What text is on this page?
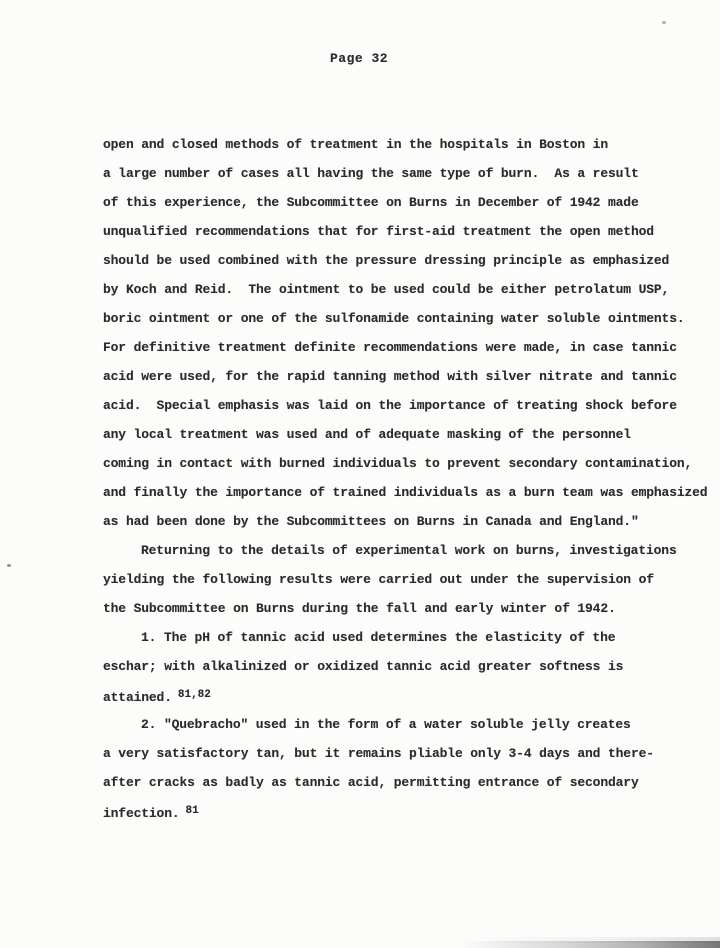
Page 32
open and closed methods of treatment in the hospitals in Boston in
a large number of cases all having the same type of burn.  As a result
of this experience, the Subcommittee on Burns in December of 1942 made
unqualified recommendations that for first-aid treatment the open method
should be used combined with the pressure dressing principle as emphasized
by Koch and Reid.  The ointment to be used could be either petrolatum USP,
boric ointment or one of the sulfonamide containing water soluble ointments.
For definitive treatment definite recommendations were made, in case tannic
acid were used, for the rapid tanning method with silver nitrate and tannic
acid.  Special emphasis was laid on the importance of treating shock before
any local treatment was used and of adequate masking of the personnel
coming in contact with burned individuals to prevent secondary contamination,
and finally the importance of trained individuals as a burn team was emphasized
as had been done by the Subcommittees on Burns in Canada and England."
Returning to the details of experimental work on burns, investigations
yielding the following results were carried out under the supervision of
the Subcommittee on Burns during the fall and early winter of 1942.
1. The pH of tannic acid used determines the elasticity of the
eschar; with alkalinized or oxidized tannic acid greater softness is
attained. $^{81,82}$
2. "Quebracho" used in the form of a water soluble jelly creates
a very satisfactory tan, but it remains pliable only 3-4 days and there-
after cracks as badly as tannic acid, permitting entrance of secondary
infection. $^{81}$
